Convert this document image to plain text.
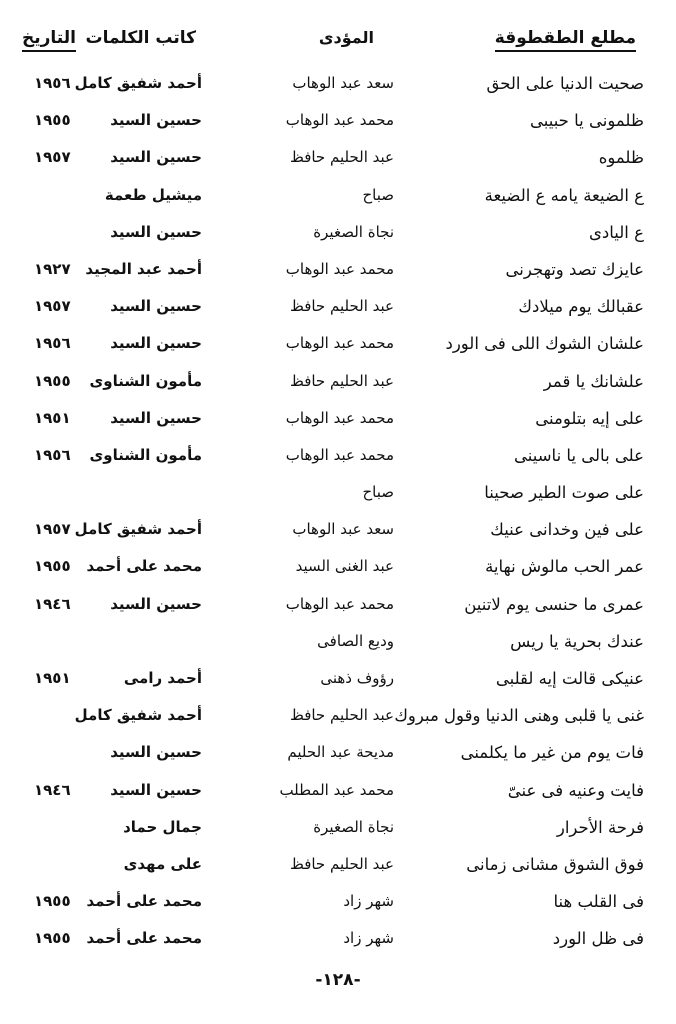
مطلع الطقطوقة
المؤدى
كاتب الكلمات
التاريخ
صحيت الدنيا على الحق
سعد عبد الوهاب
أحمد شفيق كامل
١٩٥٦
ظلمونى يا حبيبى
محمد عبد الوهاب
حسين السيد
١٩٥٥
ظلموه
عبد الحليم حافظ
حسين السيد
١٩٥٧
ع الضيعة يامه ع الضيعة
صباح
ميشيل طعمة
ع اليادى
نجاة الصغيرة
حسين السيد
عايزك تصد وتهجرنى
محمد عبد الوهاب
أحمد عبد المجيد
١٩٢٧
عقبالك يوم ميلادك
عبد الحليم حافظ
حسين السيد
١٩٥٧
علشان الشوك اللى فى الورد
محمد عبد الوهاب
حسين السيد
١٩٥٦
علشانك يا قمر
عبد الحليم حافظ
مأمون الشناوى
١٩٥٥
على إيه بتلومنى
محمد عبد الوهاب
حسين السيد
١٩٥١
على بالى يا ناسينى
محمد عبد الوهاب
مأمون الشناوى
١٩٥٦
على صوت الطير صحينا
صباح
على فين وخدانى عنيك
سعد عبد الوهاب
أحمد شفيق كامل
١٩٥٧
عمر الحب مالوش نهاية
عبد الغنى السيد
محمد على أحمد
١٩٥٥
عمرى ما حنسى يوم لاتنين
محمد عبد الوهاب
حسين السيد
١٩٤٦
عندك بحرية يا ريس
وديع الصافى
عنيكى قالت إيه لقلبى
رؤوف ذهنى
أحمد رامى
١٩٥١
غنى يا قلبى وهنى الدنيا وقول مبروك
عبد الحليم حافظ
أحمد شفيق كامل
فات يوم من غير ما يكلمنى
مديحة عبد الحليم
حسين السيد
فايت وعنيه فى عنىّ
محمد عبد المطلب
حسين السيد
١٩٤٦
فرحة الأحرار
نجاة الصغيرة
جمال حماد
فوق الشوق مشانى زمانى
عبد الحليم حافظ
على مهدى
فى القلب هنا
شهر زاد
محمد على أحمد
١٩٥٥
فى ظل الورد
شهر زاد
محمد على أحمد
١٩٥٥
-١٢٨-
